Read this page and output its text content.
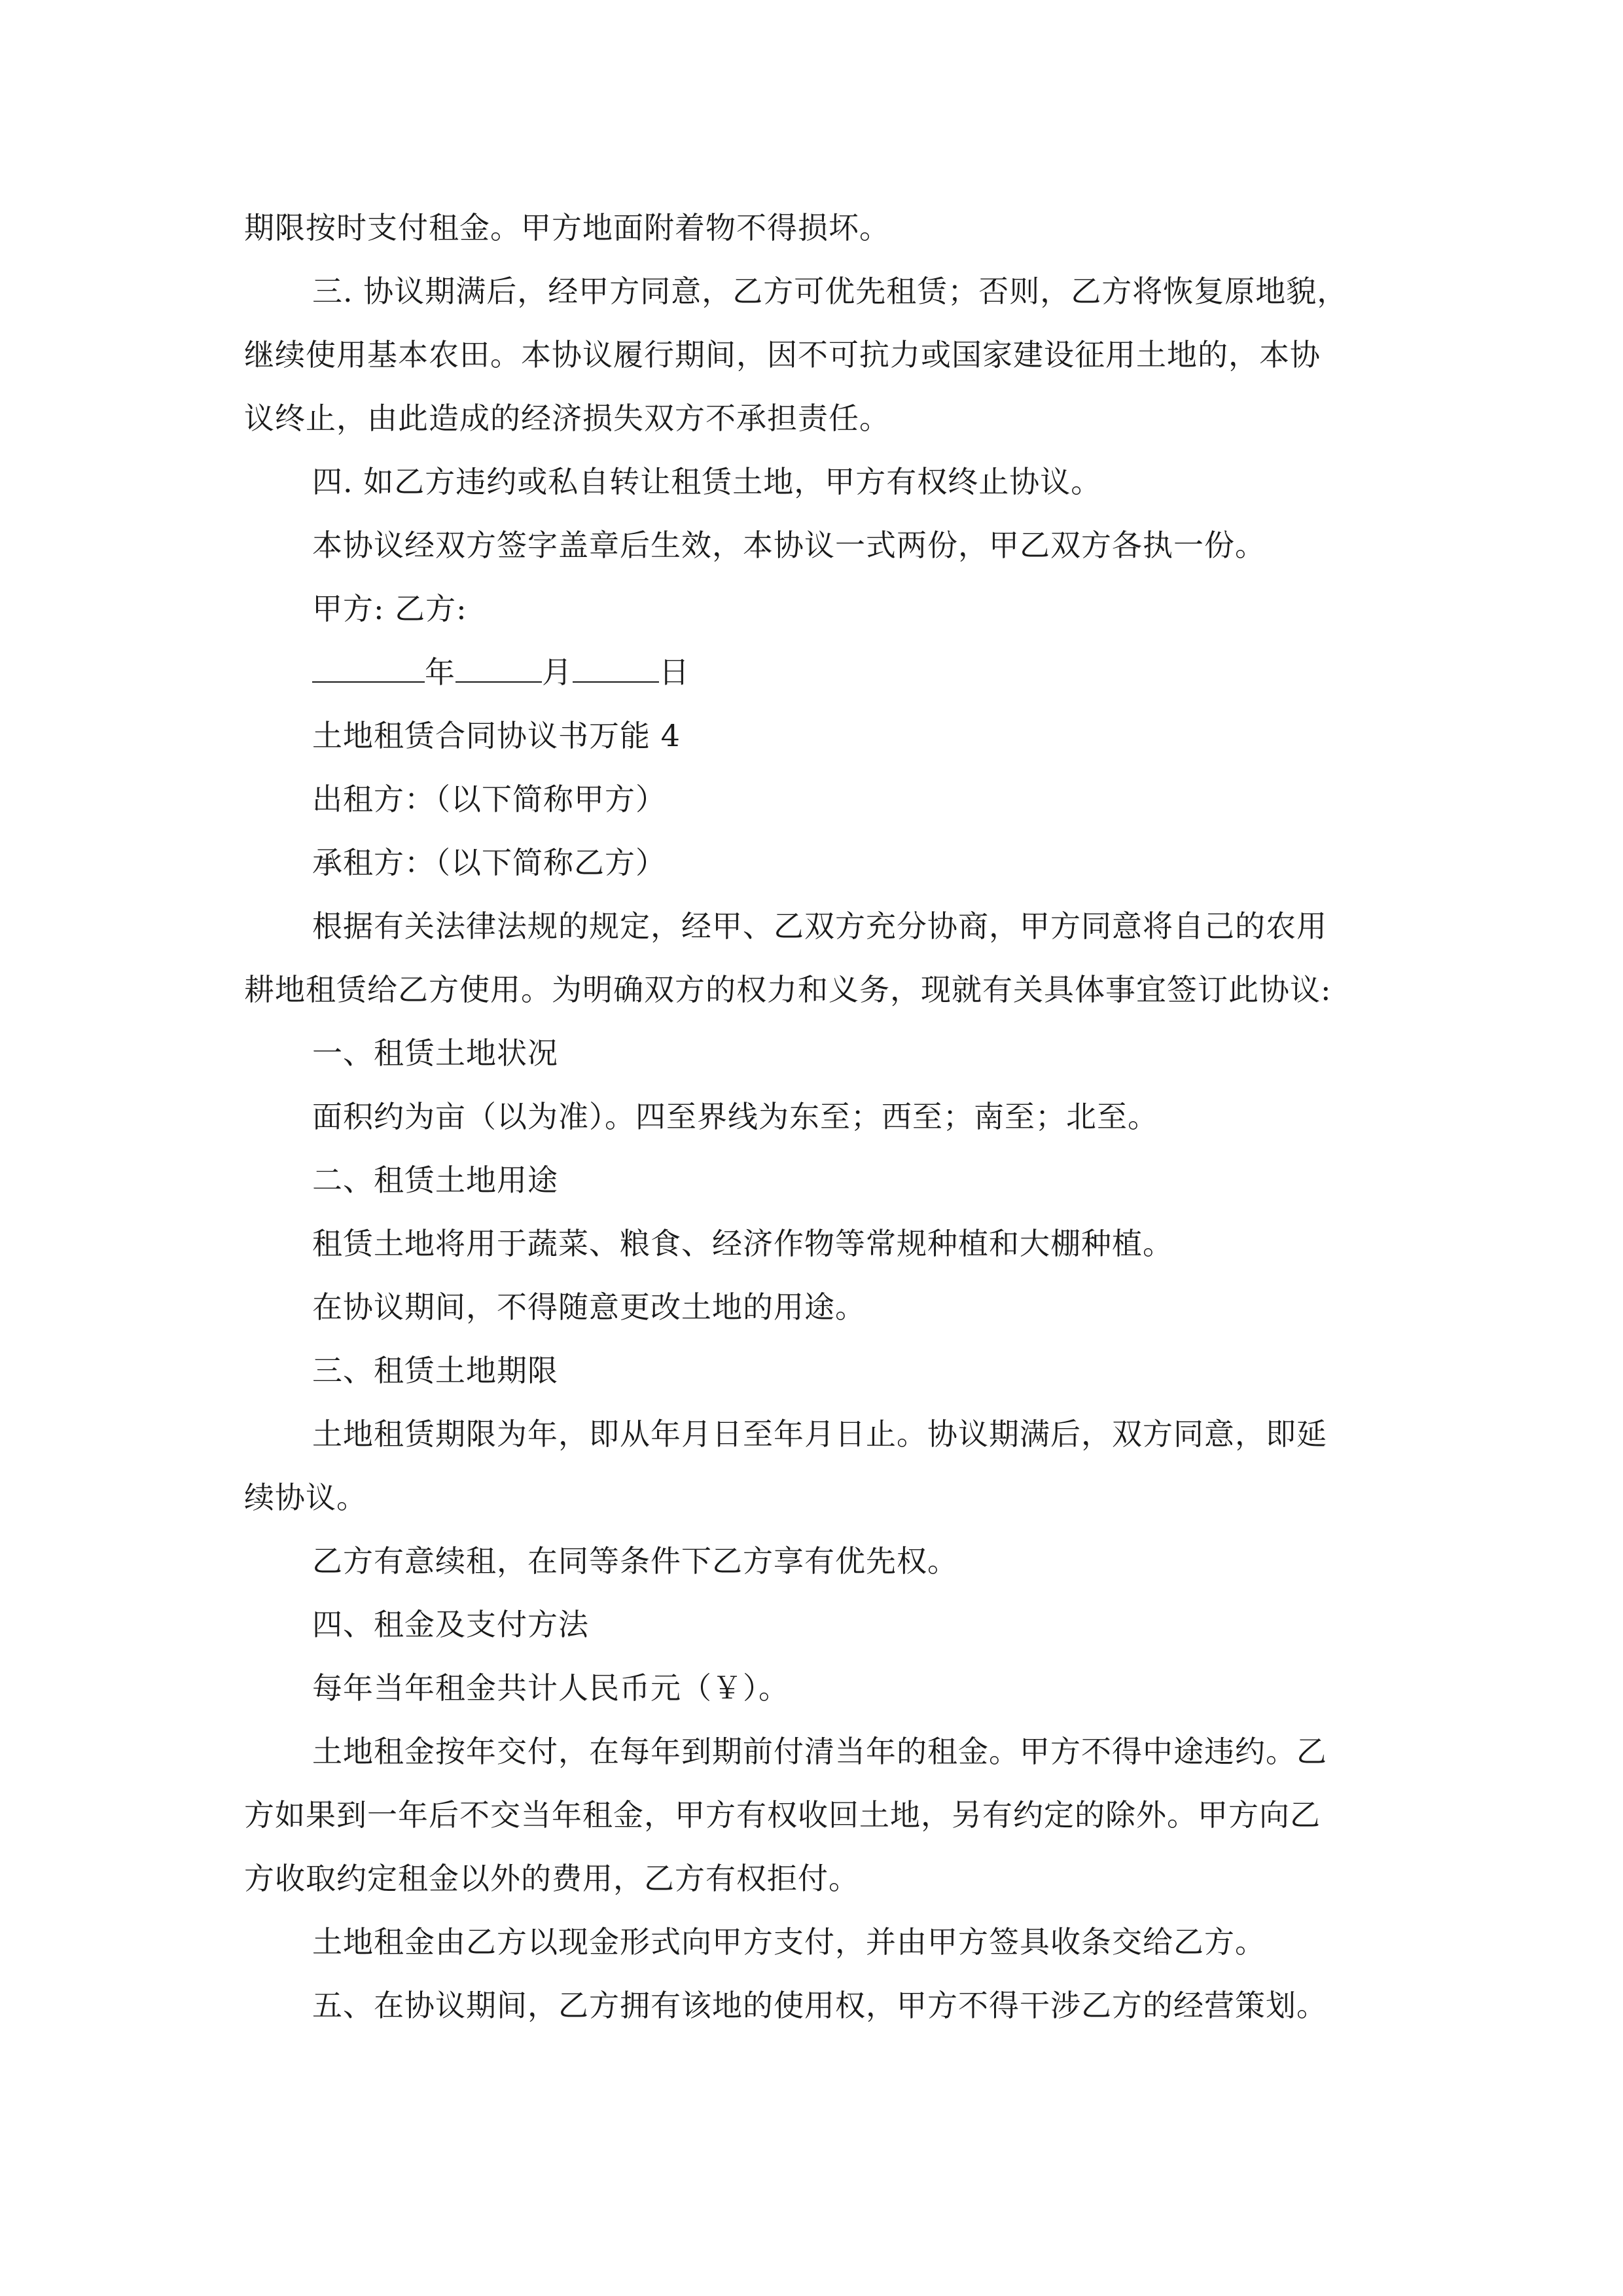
期限按时支付租金。甲方地面附着物不得损坏。
三. 协议期满后，经甲方同意，乙方可优先租赁；否则，乙方将恢复原地貌，
继续使用基本农田。本协议履行期间，因不可抗力或国家建设征用土地的，本协
议终止，由此造成的经济损失双方不承担责任。
四. 如乙方违约或私自转让租赁土地，甲方有权终止协议。
本协议经双方签字盖章后生效，本协议一式两份，甲乙双方各执一份。
甲方: 乙方:
年	月	日
土地租赁合同协议书万能 4
出租方：（以下简称甲方）
承租方：（以下简称乙方）
根据有关法律法规的规定，经甲、乙双方充分协商，甲方同意将自己的农用
耕地租赁给乙方使用。为明确双方的权力和义务，现就有关具体事宜签订此协议:
一、租赁土地状况
面积约为亩（以为准）。四至界线为东至；西至；南至；北至。
二、租赁土地用途
租赁土地将用于蔬菜、粮食、经济作物等常规种植和大棚种植。
在协议期间，不得随意更改土地的用途。
三、租赁土地期限
土地租赁期限为年，即从年月日至年月日止。协议期满后，双方同意，即延
续协议。
乙方有意续租，在同等条件下乙方享有优先权。
四、租金及支付方法
每年当年租金共计人民币元（￥）。
土地租金按年交付，在每年到期前付清当年的租金。甲方不得中途违约。乙
方如果到一年后不交当年租金，甲方有权收回土地，另有约定的除外。甲方向乙
方收取约定租金以外的费用，乙方有权拒付。
土地租金由乙方以现金形式向甲方支付，并由甲方签具收条交给乙方。
五、在协议期间，乙方拥有该地的使用权，甲方不得干涉乙方的经营策划。
